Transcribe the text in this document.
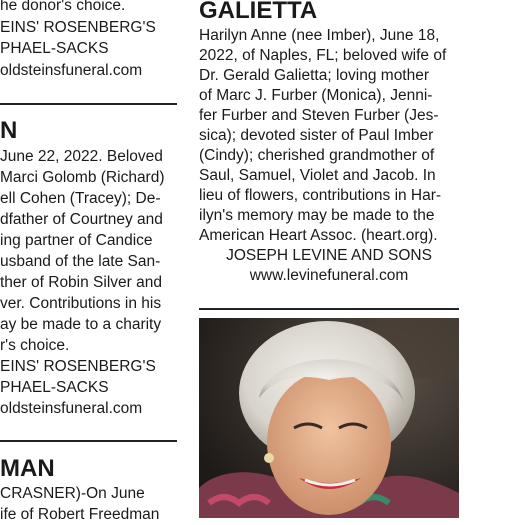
he donor's choice.
EINS' ROSENBERG'S
PHAEL-SACKS
oldsteinsfuneral.com
N
June 22, 2022. Beloved
Marci Golomb (Richard)
ell Cohen (Tracey); De-
dfather of Courtney and
ing partner of Candice
usband of the late San-
ther of Robin Silver and
ver. Contributions in his
ay be made to a charity
r's choice.
EINS' ROSENBERG'S
PHAEL-SACKS
oldsteinsfuneral.com
MAN
CRASNER)-On June
ife of Robert Freedman
GALIETTA
Harilyn Anne (nee Imber), June 18,
2022, of Naples, FL; beloved wife of
Dr. Gerald Galietta; loving mother
of Marc J. Furber (Monica), Jenni-
fer Furber and Steven Furber (Jes-
sica); devoted sister of Paul Imber
(Cindy); cherished grandmother of
Saul, Samuel, Violet and Jacob. In
lieu of flowers, contributions in Har-
ilyn's memory may be made to the
American Heart Assoc. (heart.org).
JOSEPH LEVINE AND SONS
www.levinefuneral.com
